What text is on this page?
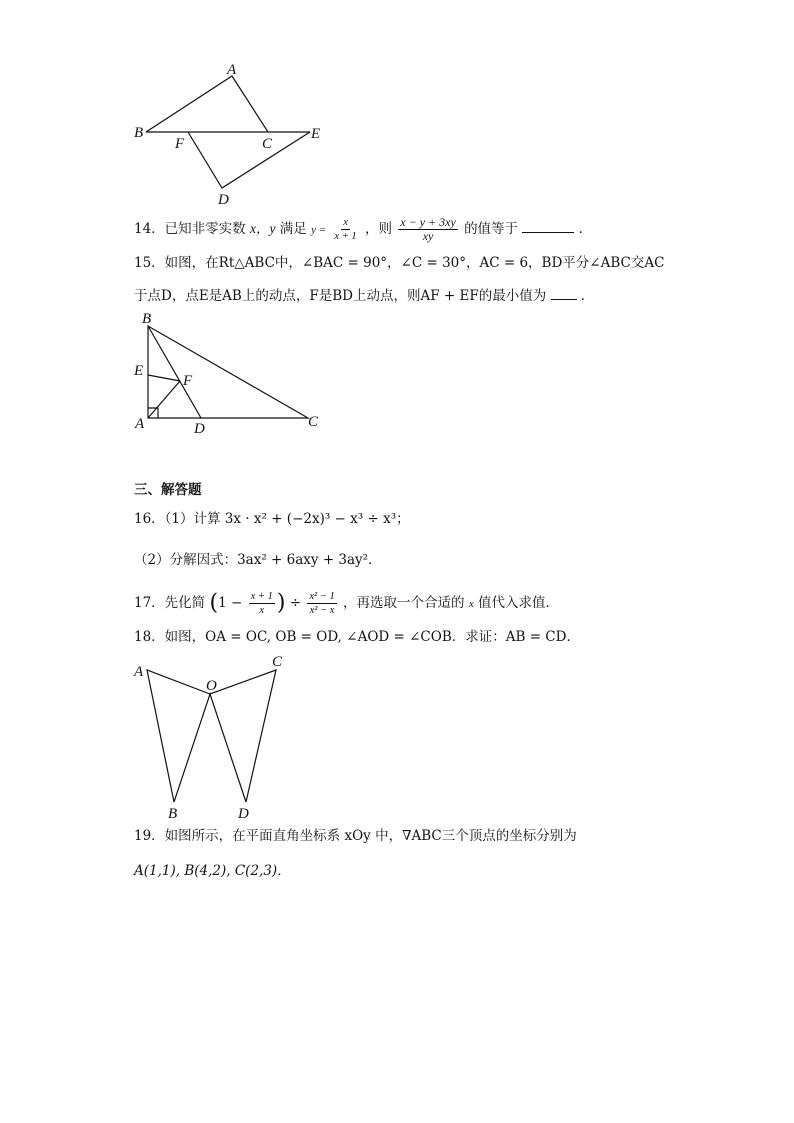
A
B
F	C
E
D
14．已知非零实数 x，y 满足 $y = \frac{x}{x + 1}$ ，则 $\frac{x - y + 3xy}{xy}$ 的值等于	．
15．如图，在Rt△ABC中，∠BAC = 90°，∠C = 30°，AC = 6，BD平分∠ABC交AC
于点D，点E是AB上的动点，F是BD上动点，则AF + EF的最小值为	．
B
E
F
A	D	C
三、解答题
16．（1）计算 3x · x² + (−2x)³ − x³ ÷ x³；
（2）分解因式：3ax² + 6axy + 3ay²．
17．先化简 ($1 - \frac{x + 1}{x}$ ) ÷ $\frac{\text{x² − 1}}{\text{x² − x}}$ ，再选取一个合适的 x 值代入求值．
18．如图，OA = OC, OB = OD, ∠AOD = ∠COB．求证：AB = CD．
A
O
C
B	D
19．如图所示，在平面直角坐标系 xOy 中，∇ABC三个顶点的坐标分别为
A(1,1), B(4,2), C(2,3)．
